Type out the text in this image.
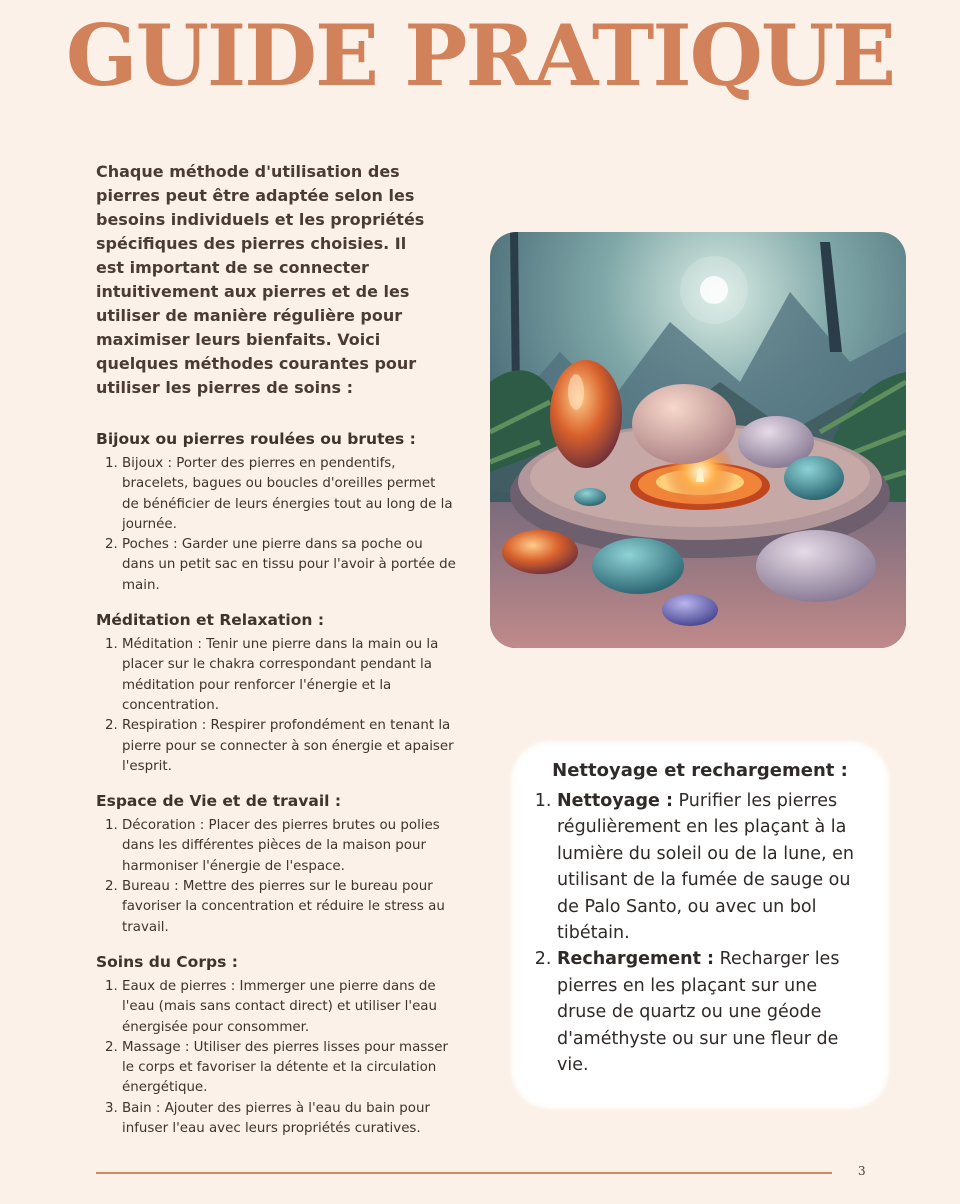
GUIDE PRATIQUE

Chaque méthode d'utilisation des pierres peut être adaptée selon les besoins individuels et les propriétés spécifiques des pierres choisies. Il est important de se connecter intuitivement aux pierres et de les utiliser de manière régulière pour maximiser leurs bienfaits. Voici quelques méthodes courantes pour utiliser les pierres de soins :

Bijoux ou pierres roulées ou brutes :
1. Bijoux : Porter des pierres en pendentifs, bracelets, bagues ou boucles d'oreilles permet de bénéficier de leurs énergies tout au long de la journée.
2. Poches : Garder une pierre dans sa poche ou dans un petit sac en tissu pour l'avoir à portée de main.
Méditation et Relaxation :
1. Méditation : Tenir une pierre dans la main ou la placer sur le chakra correspondant pendant la méditation pour renforcer l'énergie et la concentration.
2. Respiration : Respirer profondément en tenant la pierre pour se connecter à son énergie et apaiser l'esprit.
Espace de Vie et de travail :
1. Décoration : Placer des pierres brutes ou polies dans les différentes pièces de la maison pour harmoniser l'énergie de l'espace.
2. Bureau : Mettre des pierres sur le bureau pour favoriser la concentration et réduire le stress au travail.
Soins du Corps :
1. Eaux de pierres : Immerger une pierre dans de l'eau (mais sans contact direct) et utiliser l'eau énergisée pour consommer.
2. Massage : Utiliser des pierres lisses pour masser le corps et favoriser la détente et la circulation énergétique.
3. Bain : Ajouter des pierres à l'eau du bain pour infuser l'eau avec leurs propriétés curatives.
Nettoyage et rechargement :
1. Nettoyage : Purifier les pierres régulièrement en les plaçant à la lumière du soleil ou de la lune, en utilisant de la fumée de sauge ou de Palo Santo, ou avec un bol tibétain.
2. Rechargement : Recharger les pierres en les plaçant sur une druse de quartz ou une géode d'améthyste ou sur une fleur de vie.
3
